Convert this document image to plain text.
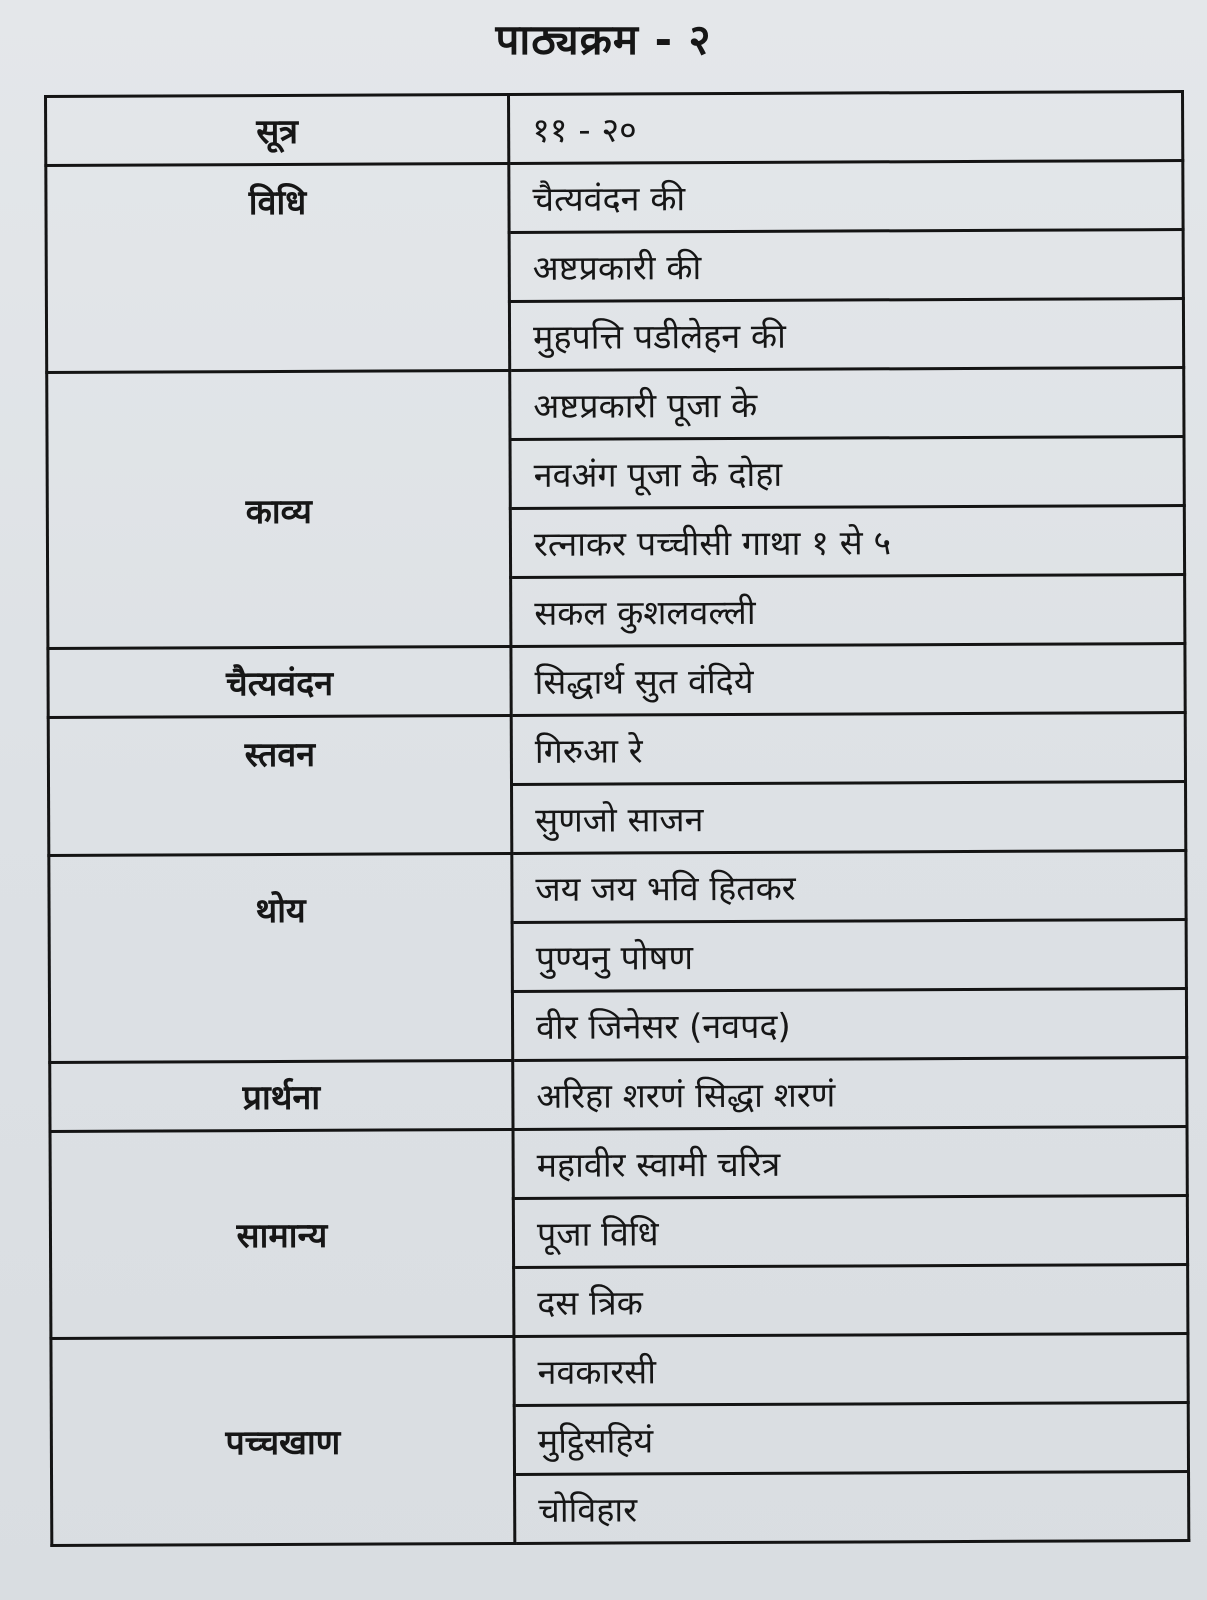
पाठ्यक्रम - २
सूत्र	११ - २०
विधि	चैत्यवंदन की
	अष्टप्रकारी की
	मुहपत्ति पडीलेहन की
काव्य	अष्टप्रकारी पूजा के
	नवअंग पूजा के दोहा
	रत्नाकर पच्चीसी गाथा १ से ५
	सकल कुशलवल्ली
चैत्यवंदन	सिद्धार्थ सुत वंदिये
स्तवन	गिरुआ रे
	सुणजो साजन
थोय	जय जय भवि हितकर
	पुण्यनु पोषण
	वीर जिनेसर (नवपद)
प्रार्थना	अरिहा शरणं सिद्धा शरणं
सामान्य	महावीर स्वामी चरित्र
	पूजा विधि
	दस त्रिक
पच्चखाण	नवकारसी
	मुट्ठिसहियं
	चोविहार
